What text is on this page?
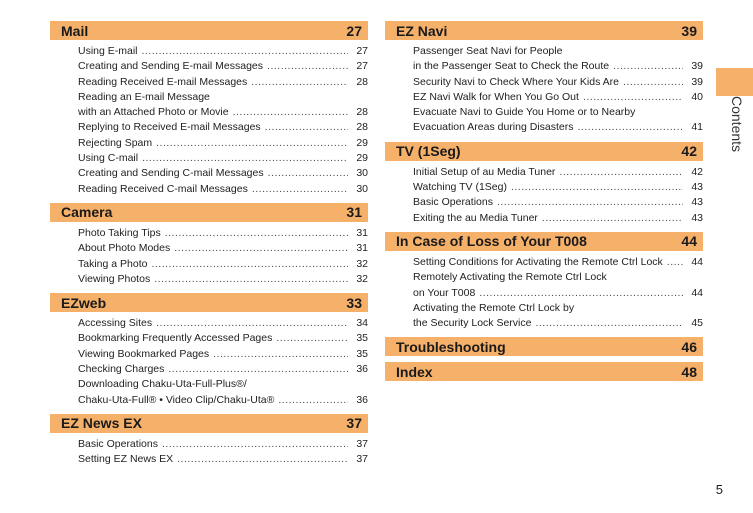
Mail	27
Using E-mail .....	27
Creating and Sending E-mail Messages .....	27
Reading Received E-mail Messages .....	28
Reading an E-mail Message
with an Attached Photo or Movie .....	28
Replying to Received E-mail Messages .....	28
Rejecting Spam .....	29
Using C-mail .....	29
Creating and Sending C-mail Messages .....	30
Reading Received C-mail Messages .....	30
Camera	31
Photo Taking Tips .....	31
About Photo Modes .....	31
Taking a Photo .....	32
Viewing Photos .....	32
EZweb	33
Accessing Sites .....	34
Bookmarking Frequently Accessed Pages .....	35
Viewing Bookmarked Pages .....	35
Checking Charges .....	36
Downloading Chaku-Uta-Full-Plus®/
Chaku-Uta-Full® • Video Clip/Chaku-Uta® .....	36
EZ News EX	37
Basic Operations .....	37
Setting EZ News EX .....	37
EZ Navi	39
Passenger Seat Navi for People
in the Passenger Seat to Check the Route .....	39
Security Navi to Check Where Your Kids Are .....	39
EZ Navi Walk for When You Go Out .....	40
Evacuate Navi to Guide You Home or to Nearby
Evacuation Areas during Disasters .....	41
TV (1Seg)	42
Initial Setup of au Media Tuner .....	42
Watching TV (1Seg) .....	43
Basic Operations .....	43
Exiting the au Media Tuner .....	43
In Case of Loss of Your T008	44
Setting Conditions for Activating the Remote Ctrl Lock .....	44
Remotely Activating the Remote Ctrl Lock
on Your T008 .....	44
Activating the Remote Ctrl Lock by
the Security Lock Service .....	45
Troubleshooting	46
Index	48
Contents
5
